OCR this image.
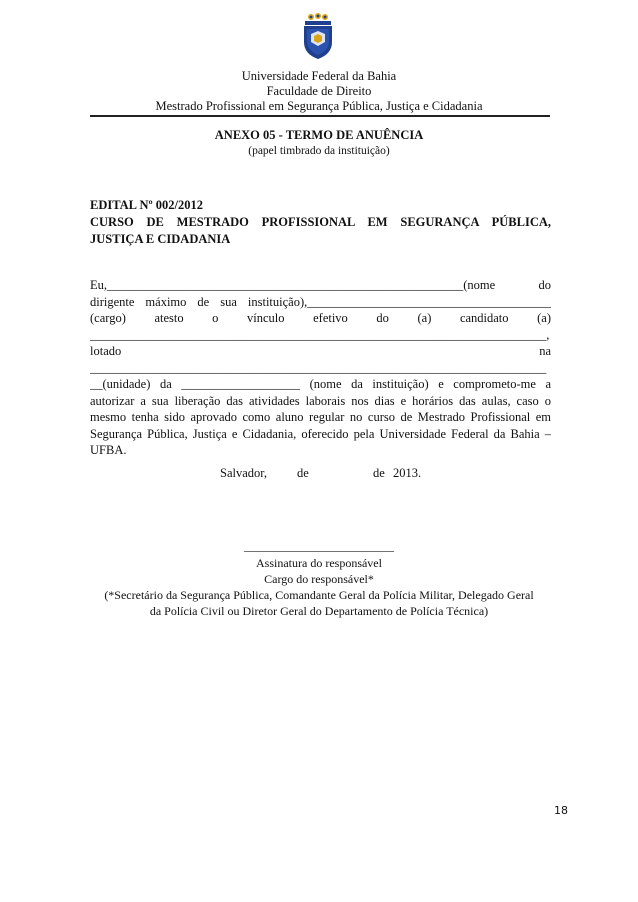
Universidade Federal da Bahia
Faculdade de Direito
Mestrado Profissional em Segurança Pública, Justiça e Cidadania
ANEXO 05 - TERMO DE ANUÊNCIA
(papel timbrado da instituição)
EDITAL Nº 002/2012
CURSO DE MESTRADO PROFISSIONAL EM SEGURANÇA PÚBLICA,
JUSTIÇA E CIDADANIA
Eu,_________________________________________________________(nome do
dirigente máximo de sua instituição),_______________________________________
(cargo) atesto o vínculo efetivo do (a) candidato (a)
_________________________________________________________________________,
lotado na
_________________________________________________________________________
__(unidade) da ___________________ (nome da instituição) e comprometo-me a
autorizar a sua liberação das atividades laborais nos dias e horários das aulas, caso o
mesmo tenha sido aprovado como aluno regular no curso de Mestrado Profissional em
Segurança Pública, Justiça e Cidadania, oferecido pela Universidade Federal da Bahia –
UFBA.
Salvador, de	de 2013.
_________________________
Assinatura do responsável
Cargo do responsável*
(*Secretário da Segurança Pública, Comandante Geral da Polícia Militar, Delegado Geral
da Polícia Civil ou Diretor Geral do Departamento de Polícia Técnica)
18
